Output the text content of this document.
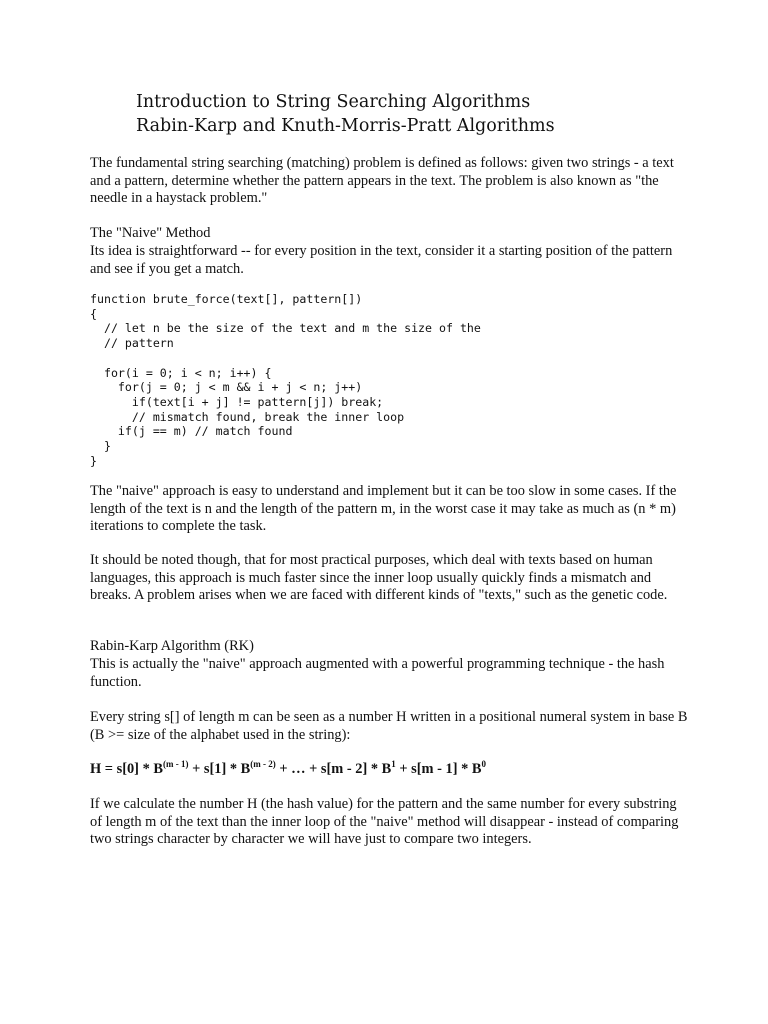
Introduction to String Searching Algorithms
Rabin-Karp and Knuth-Morris-Pratt Algorithms
The fundamental string searching (matching) problem is defined as follows: given two strings - a text and a pattern, determine whether the pattern appears in the text. The problem is also known as "the needle in a haystack problem."
The "Naive" Method
Its idea is straightforward -- for every position in the text, consider it a starting position of the pattern and see if you get a match.
function brute_force(text[], pattern[])
{
// let n be the size of the text and m the size of the
// pattern

for(i = 0; i < n; i++) {
for(j = 0; j < m && i + j < n; j++)
if(text[i + j] != pattern[j]) break;
// mismatch found, break the inner loop
if(j == m) // match found
}
}
The "naive" approach is easy to understand and implement but it can be too slow in some cases. If the length of the text is n and the length of the pattern m, in the worst case it may take as much as (n * m) iterations to complete the task.
It should be noted though, that for most practical purposes, which deal with texts based on human languages, this approach is much faster since the inner loop usually quickly finds a mismatch and breaks. A problem arises when we are faced with different kinds of "texts," such as the genetic code.
Rabin-Karp Algorithm (RK)
This is actually the "naive" approach augmented with a powerful programming technique - the hash function.
Every string s[] of length m can be seen as a number H written in a positional numeral system in base B (B >= size of the alphabet used in the string):
$H = s[0] * B^{(m - 1)} + s[1] * B^{(m - 2)}$ + … + $s[m - 2] * B^1 + s[m - 1] * B^0$
If we calculate the number H (the hash value) for the pattern and the same number for every substring of length m of the text than the inner loop of the "naive" method will disappear - instead of comparing two strings character by character we will have just to compare two integers.
